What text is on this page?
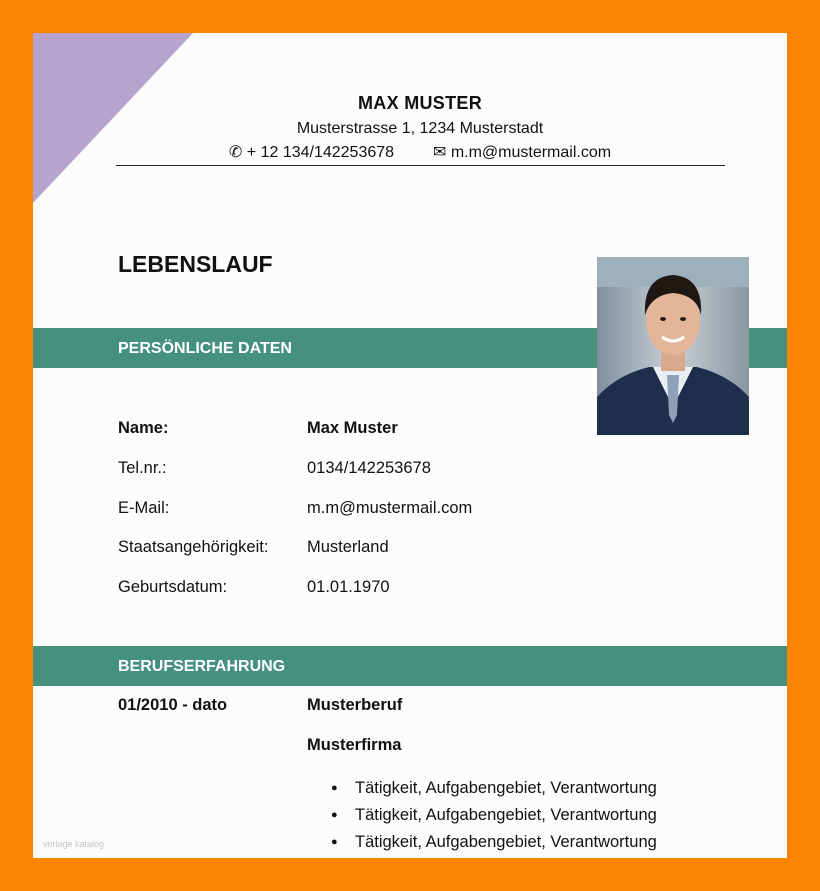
MAX MUSTER
Musterstrasse 1, 1234 Musterstadt
✆ + 12 134/142253678 ✉ m.m@mustermail.com
LEBENSLAUF
PERSÖNLICHE DATEN
Name:	Max Muster
Tel.nr.:	0134/142253678
E-Mail:	m.m@mustermail.com
Staatsangehörigkeit: Musterland
Geburtsdatum:	01.01.1970
BERUFSERFAHRUNG
01/2010 - dato	Musterberuf
Musterfirma
● Tätigkeit, Aufgabengebiet, Verantwortung
● Tätigkeit, Aufgabengebiet, Verantwortung
● Tätigkeit, Aufgabengebiet, Verantwortung
vorlage katalog
